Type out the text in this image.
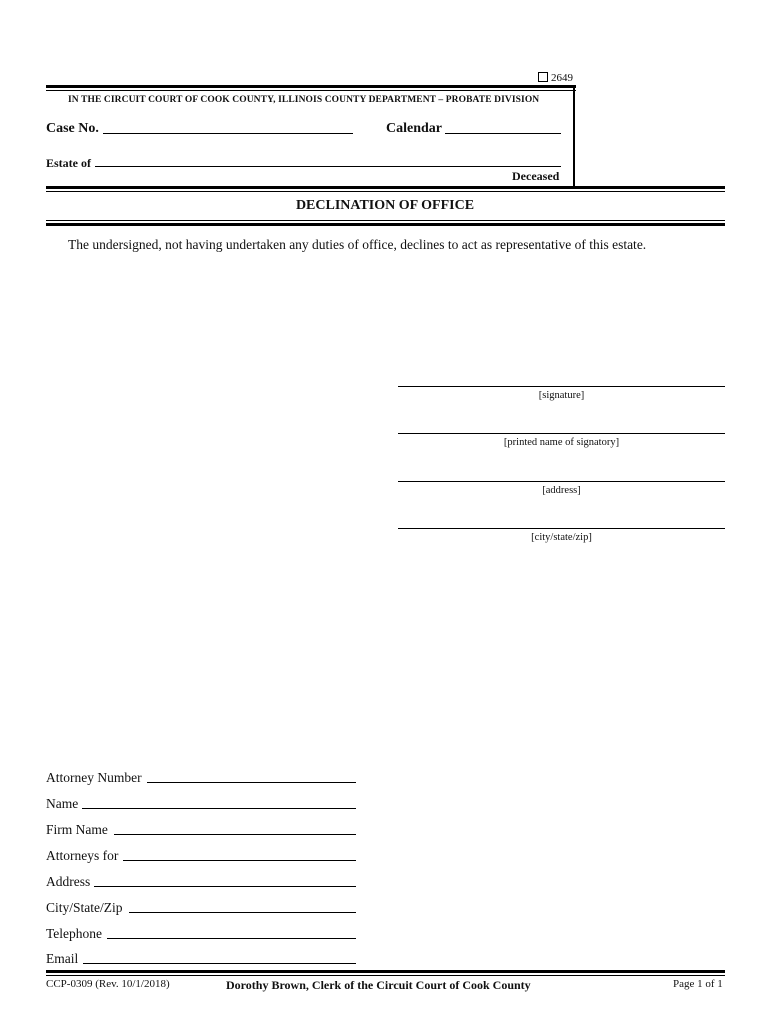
2649
IN THE CIRCUIT COURT OF COOK COUNTY, ILLINOIS COUNTY DEPARTMENT – PROBATE DIVISION
Case No.	Calendar
Estate of
Deceased
DECLINATION OF OFFICE
The undersigned, not having undertaken any duties of office, declines to act as representative of this estate.
[signature]
[printed name of signatory]
[address]
[city/state/zip]
Attorney Number
Name
Firm Name
Attorneys for
Address
City/State/Zip
Telephone
Email
CCP-0309 (Rev. 10/1/2018)	Dorothy Brown, Clerk of the Circuit Court of Cook County	Page 1 of 1
